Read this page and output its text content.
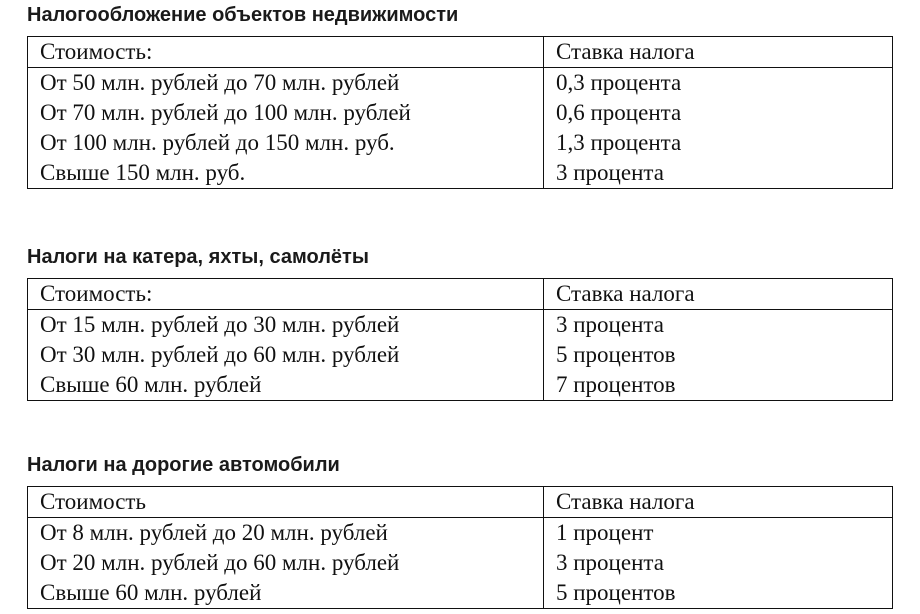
Налогообложение объектов недвижимости
Стоимость:	Ставка налога
От 50 млн. рублей до 70 млн. рублей	0,3 процента
От 70 млн. рублей до 100 млн. рублей	0,6 процента
От 100 млн. рублей до 150 млн. руб.	1,3 процента
Свыше 150 млн. руб.	3 процента
Налоги на катера, яхты, самолёты
Стоимость:	Ставка налога
От 15 млн. рублей до 30 млн. рублей	3 процента
От 30 млн. рублей до 60 млн. рублей	5 процентов
Свыше 60 млн. рублей	7 процентов
Налоги на дорогие автомобили
Стоимость	Ставка налога
От 8 млн. рублей до 20 млн. рублей	1 процент
От 20 млн. рублей до 60 млн. рублей	3 процента
Свыше 60 млн. рублей	5 процентов
